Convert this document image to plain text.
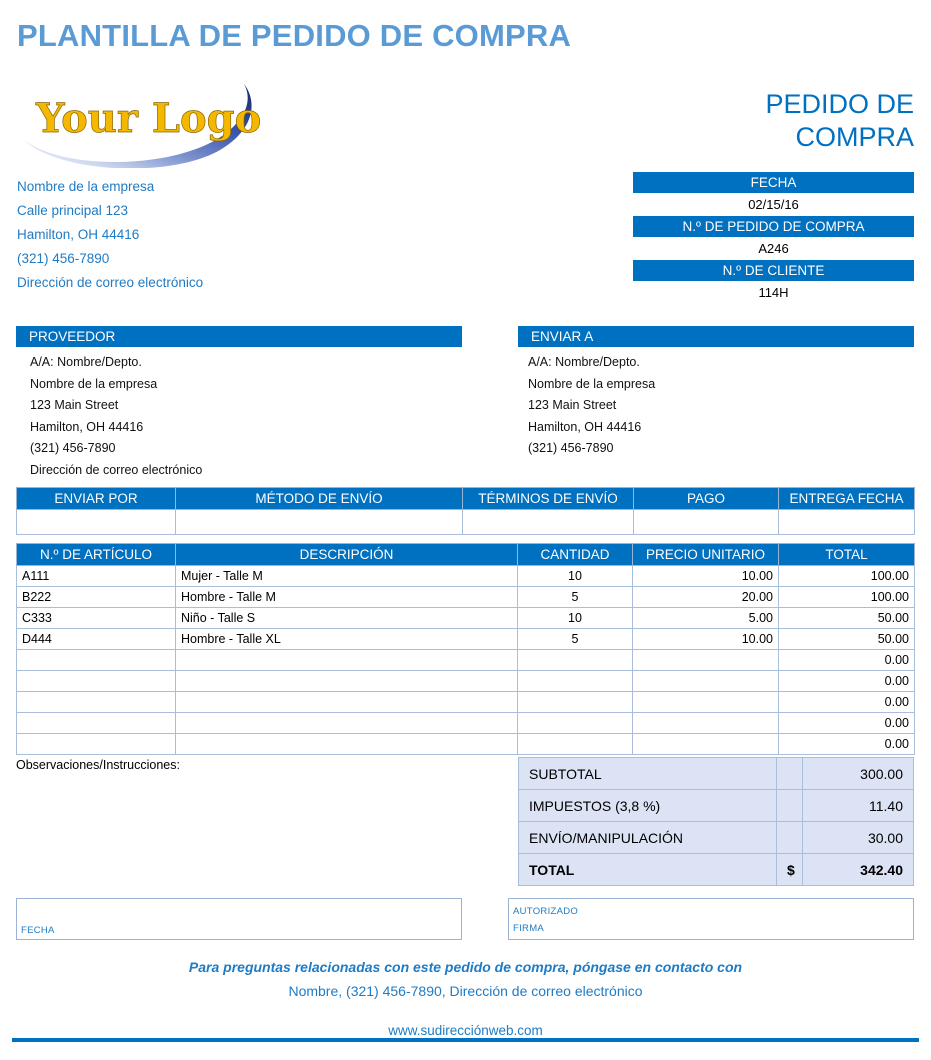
PLANTILLA DE PEDIDO DE COMPRA
Your Logo	PEDIDO DE
COMPRA
Nombre de la empresa
Calle principal 123
Hamilton, OH 44416
(321) 456-7890
Dirección de correo electrónico
FECHA
02/15/16
N.º DE PEDIDO DE COMPRA
A246
N.º DE CLIENTE
114H
PROVEEDOR
A/A: Nombre/Depto.
Nombre de la empresa
123 Main Street
Hamilton, OH 44416
(321) 456-7890
Dirección de correo electrónico
ENVIAR A
A/A: Nombre/Depto.
Nombre de la empresa
123 Main Street
Hamilton, OH 44416
(321) 456-7890
ENVIAR POR	MÉTODO DE ENVÍO	TÉRMINOS DE ENVÍO	PAGO	ENTREGA FECHA

N.º DE ARTÍCULO	DESCRIPCIÓN	CANTIDAD	PRECIO UNITARIO	TOTAL
A111	Mujer - Talle M	10	10.00	100.00
B222	Hombre - Talle M	5	20.00	100.00
C333	Niño - Talle S	10	5.00	50.00
D444	Hombre - Talle XL	5	10.00	50.00
				0.00
				0.00
				0.00
				0.00
				0.00
Observaciones/Instrucciones:
SUBTOTAL		300.00
IMPUESTOS (3,8 %)		11.40
ENVÍO/MANIPULACIÓN		30.00
TOTAL	$	342.40
FECHA
AUTORIZADO
FIRMA
Para preguntas relacionadas con este pedido de compra, póngase en contacto con
Nombre, (321) 456-7890, Dirección de correo electrónico
www.sudirecciónweb.com
